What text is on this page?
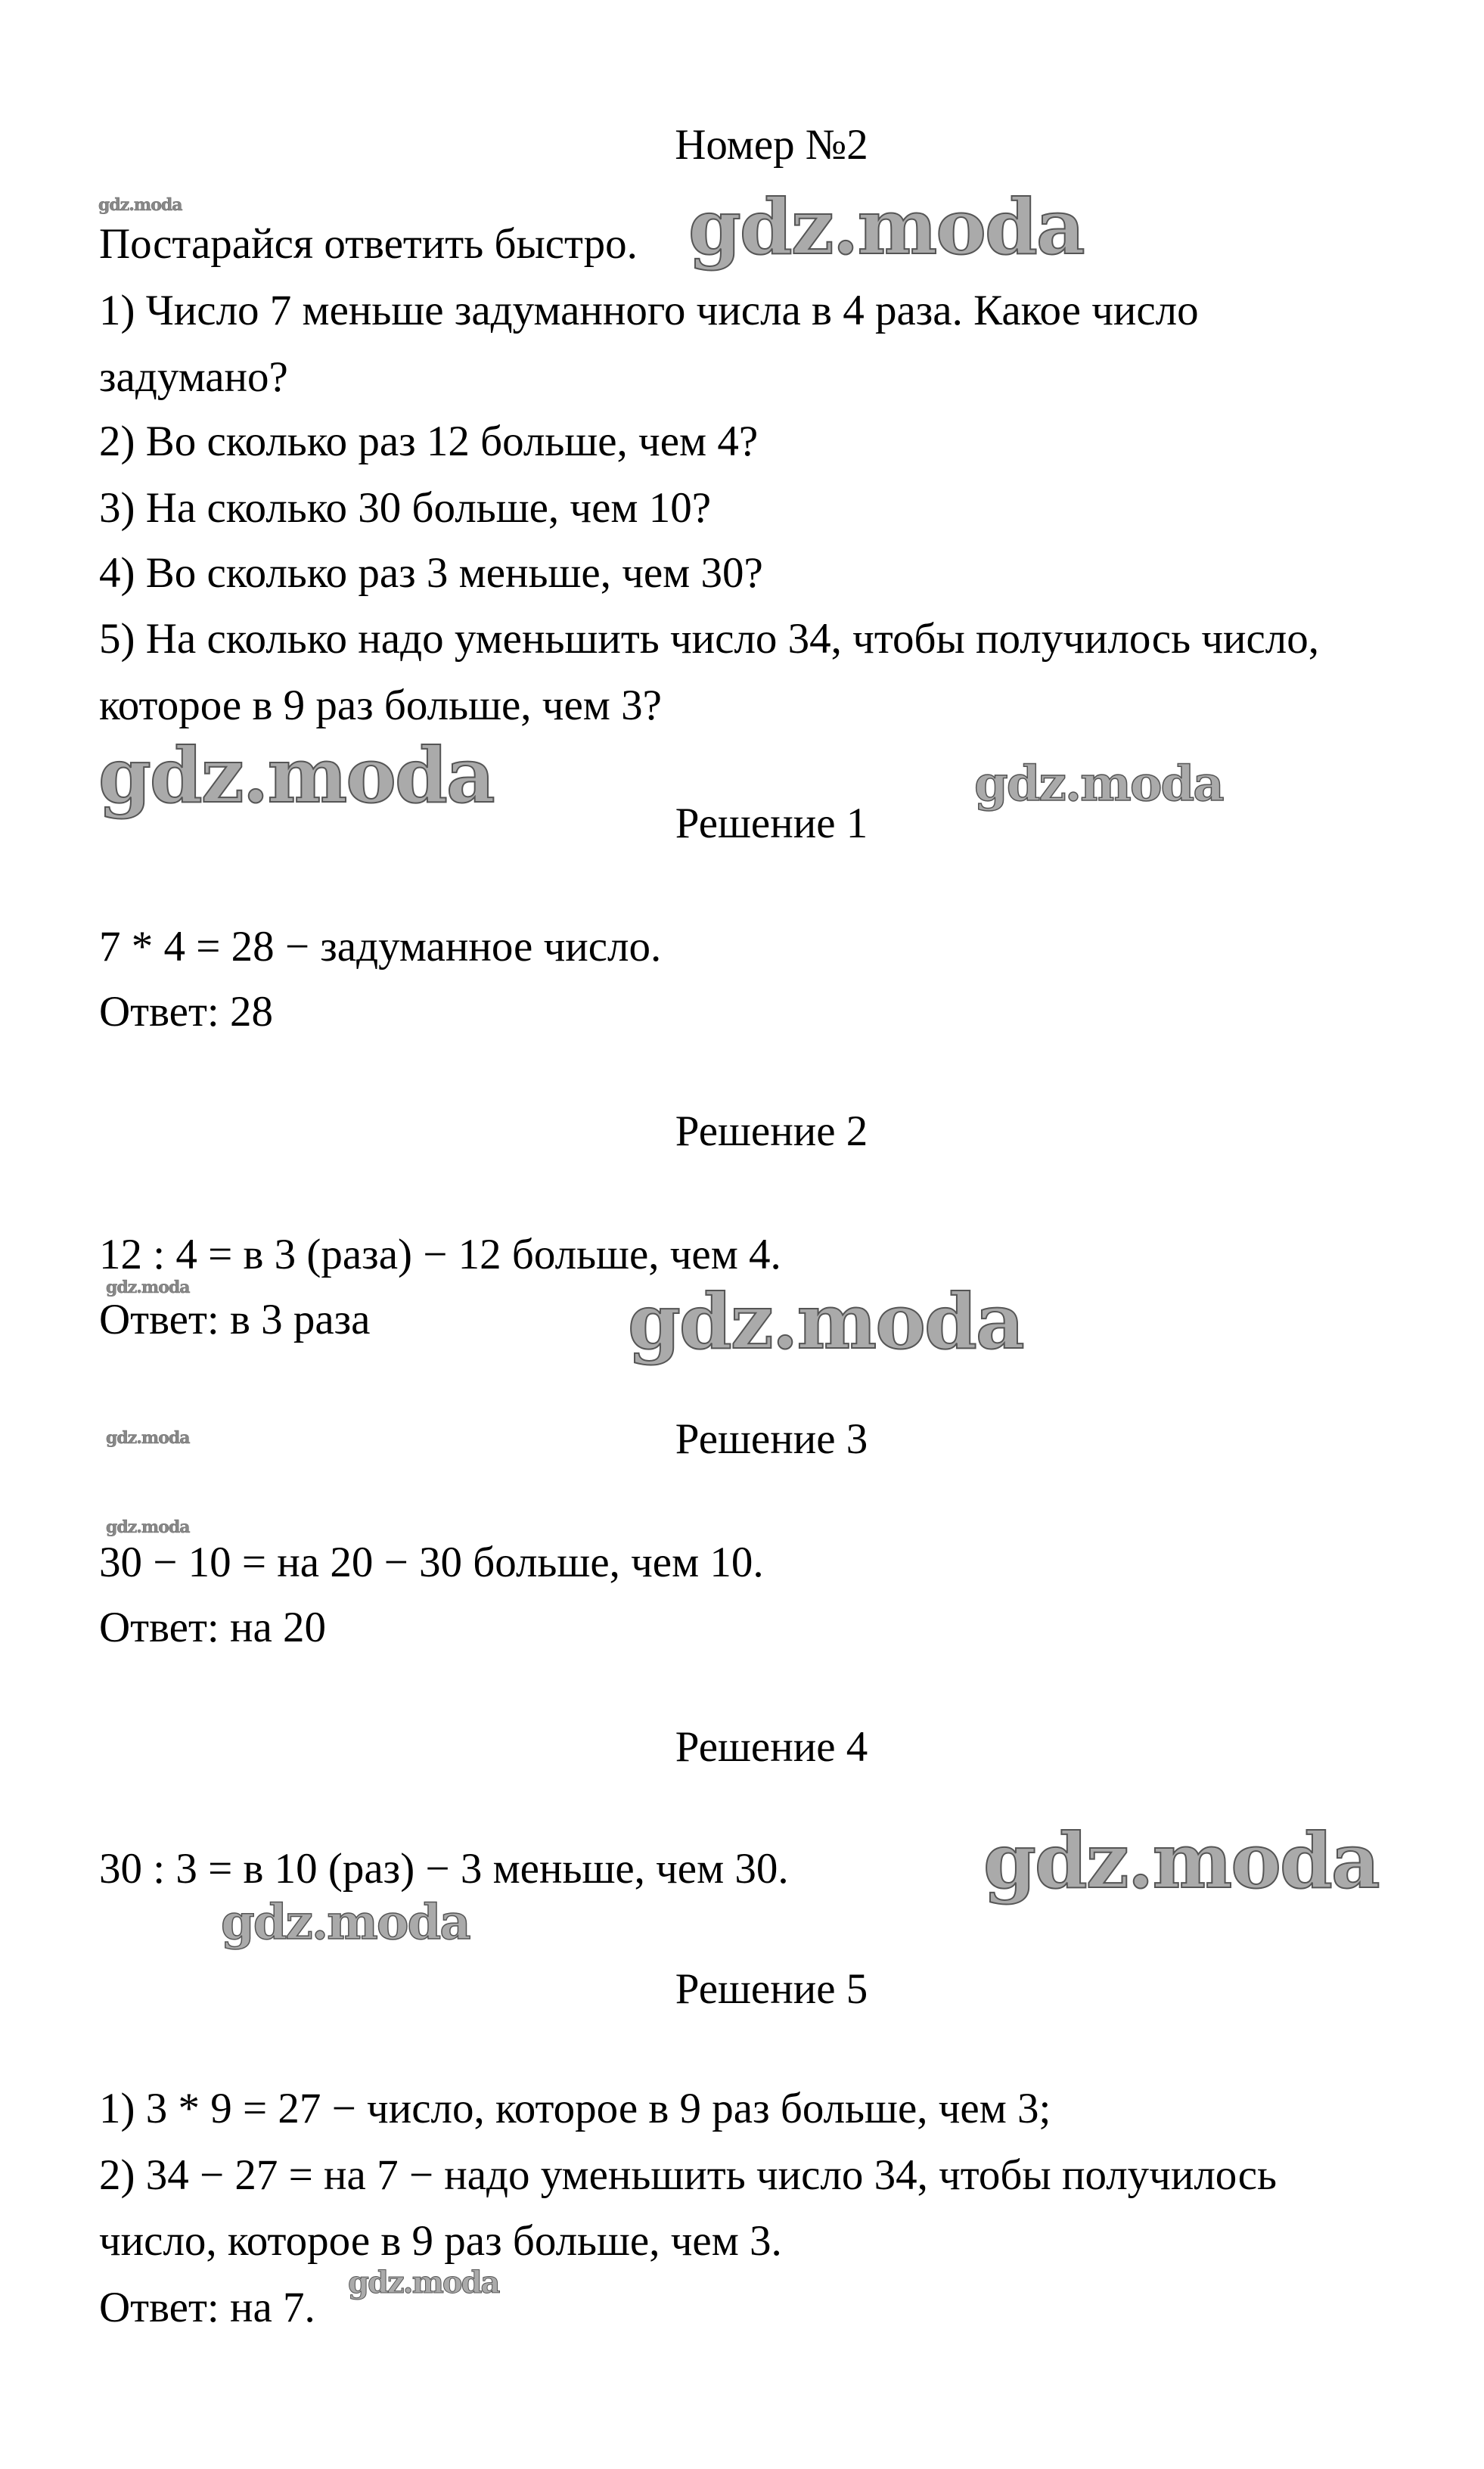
Номер №2
Постарайся ответить быстро.
1) Число 7 меньше задуманного числа в 4 раза. Какое число
задумано?
2) Во сколько раз 12 больше, чем 4?
3) На сколько 30 больше, чем 10?
4) Во сколько раз 3 меньше, чем 30?
5) На сколько надо уменьшить число 34, чтобы получилось число,
которое в 9 раз больше, чем 3?
Решение 1
7 * 4 = 28 − задуманное число.
Ответ: 28
Решение 2
12 : 4 = в 3 (раза) − 12 больше, чем 4.
Ответ: в 3 раза
Решение 3
30 − 10 = на 20 − 30 больше, чем 10.
Ответ: на 20
Решение 4
30 : 3 = в 10 (раз) − 3 меньше, чем 30.
Решение 5
1) 3 * 9 = 27 − число, которое в 9 раз больше, чем 3;
2) 34 − 27 = на 7 − надо уменьшить число 34, чтобы получилось
число, которое в 9 раз больше, чем 3.
Ответ: на 7.
gdz.moda
gdz.moda
gdz.moda	gdz.moda
gdz.moda	gdz.moda
gdz.moda
gdz.moda
gdz.moda
gdz.moda
gdz.moda
